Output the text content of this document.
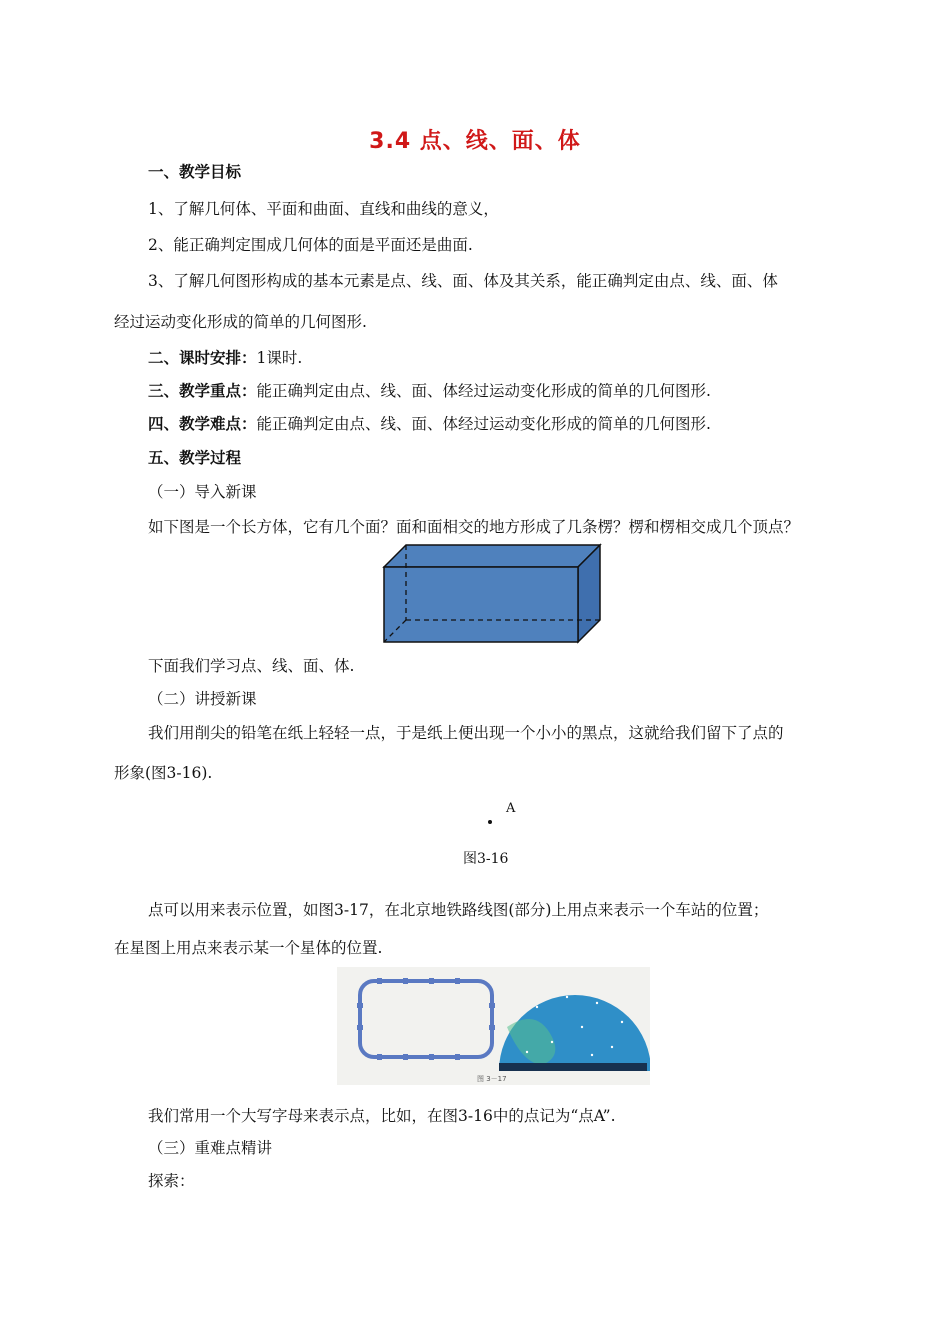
3.4 点、线、面、体
一、教学目标
1、了解几何体、平面和曲面、直线和曲线的意义，
2、能正确判定围成几何体的面是平面还是曲面.
3、了解几何图形构成的基本元素是点、线、面、体及其关系，能正确判定由点、线、面、体
经过运动变化形成的简单的几何图形.
二、课时安排：1课时.
三、教学重点：能正确判定由点、线、面、体经过运动变化形成的简单的几何图形.
四、教学难点：能正确判定由点、线、面、体经过运动变化形成的简单的几何图形.
五、教学过程
（一）导入新课
如下图是一个长方体，它有几个面？面和面相交的地方形成了几条楞？楞和楞相交成几个顶点？
下面我们学习点、线、面、体.
（二）讲授新课
我们用削尖的铅笔在纸上轻轻一点，于是纸上便出现一个小小的黑点，这就给我们留下了点的
形象(图3-16).
A
图3-16
点可以用来表示位置，如图3-17，在北京地铁路线图(部分)上用点来表示一个车站的位置；
在星图上用点来表示某一个星体的位置.
图 3－17
我们常用一个大写字母来表示点，比如，在图3-16中的点记为“点A”.
（三）重难点精讲
探索：
